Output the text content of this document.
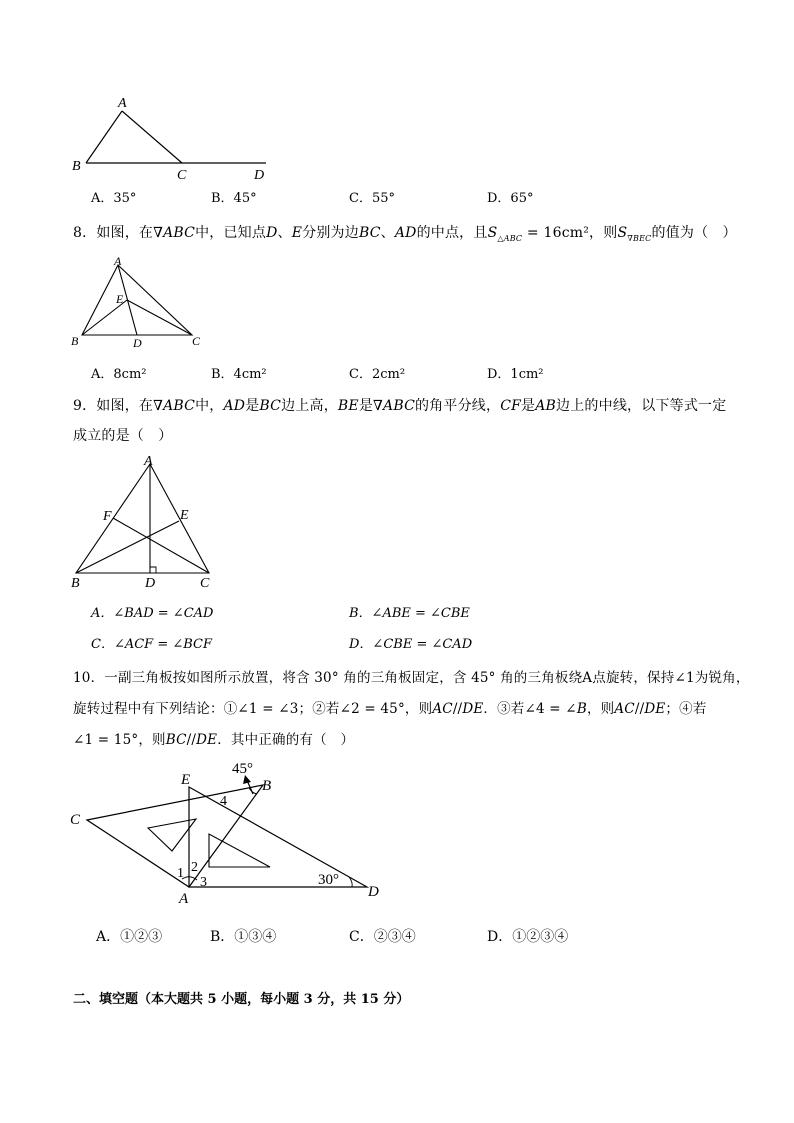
A
B
C	D
A．35°	B．45°	C．55°	D．65°
8．如图，在∇ABC中，已知点D、E分别为边BC、AD的中点，且$S_{\triangle ABC} = 16cm^2$，则$S_{\nabla BEC}$的值为（　）
A
E
B	D	C
A．8cm²	B．4cm²	C．2cm²	D．1cm²
9．如图，在∇ABC中，AD是BC边上高，BE是∇ABC的角平分线，CF是AB边上的中线，以下等式一定
成立的是（　）
A
F	E
B	D	C
A．∠BAD = ∠CAD	B．∠ABE = ∠CBE
C．∠ACF = ∠BCF	D．∠CBE = ∠CAD
10．一副三角板按如图所示放置，将含 30° 角的三角板固定，含 45° 角的三角板绕A点旋转，保持∠1为锐角，
旋转过程中有下列结论：①∠1 = ∠3；②若∠2 = 45°，则AC//DE．③若∠4 = ∠B，则AC//DE；④若
∠1 = 15°，则BC//DE．其中正确的有（　）
45°
E	B
4
C
1 2
3	30°
D
A
A．①②③	B．①③④	C．②③④	D．①②③④
二、填空题（本大题共 5 小题，每小题 3 分，共 15 分）
